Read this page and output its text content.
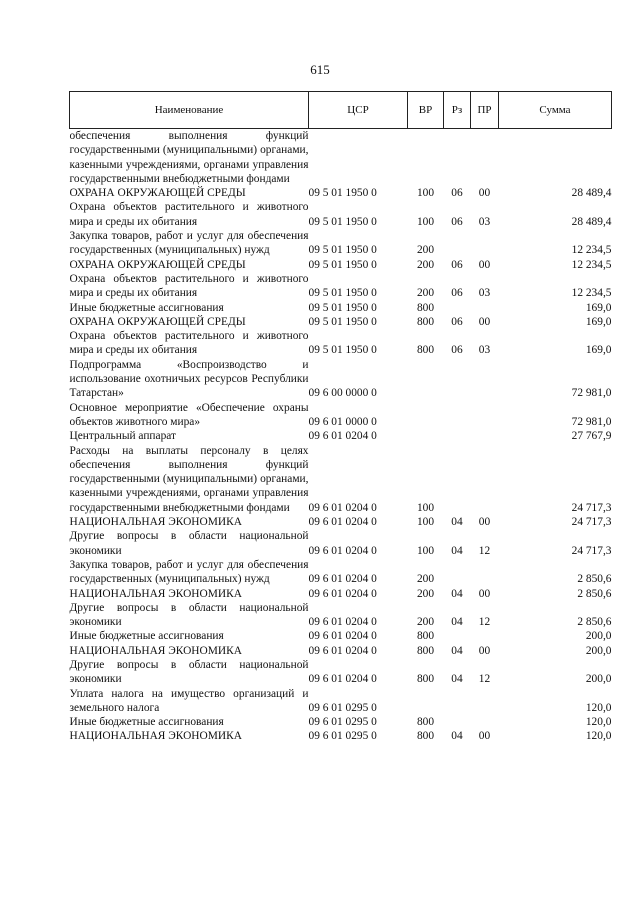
615
Наименование	ЦСР	ВР	Рз	ПР	Сумма
обеспечения выполнения функций государственными (муниципальными) органами, казенными учреждениями, органами управления государственными внебюджетными фондами					
ОХРАНА ОКРУЖАЮЩЕЙ СРЕДЫ	09 5 01 1950 0	100	06	00	28 489,4
Охрана объектов растительного и животного мира и среды их обитания	09 5 01 1950 0	100	06	03	28 489,4
Закупка товаров, работ и услуг для обеспечения государственных (муниципальных) нужд	09 5 01 1950 0	200			12 234,5
ОХРАНА ОКРУЖАЮЩЕЙ СРЕДЫ	09 5 01 1950 0	200	06	00	12 234,5
Охрана объектов растительного и животного мира и среды их обитания	09 5 01 1950 0	200	06	03	12 234,5
Иные бюджетные ассигнования	09 5 01 1950 0	800			169,0
ОХРАНА ОКРУЖАЮЩЕЙ СРЕДЫ	09 5 01 1950 0	800	06	00	169,0
Охрана объектов растительного и животного мира и среды их обитания	09 5 01 1950 0	800	06	03	169,0
Подпрограмма «Воспроизводство и использование охотничьих ресурсов Республики Татарстан»	09 6 00 0000 0				72 981,0
Основное мероприятие «Обеспечение охраны объектов животного мира»	09 6 01 0000 0				72 981,0
Центральный аппарат	09 6 01 0204 0				27 767,9
Расходы на выплаты персоналу в целях обеспечения выполнения функций государственными (муниципальными) органами, казенными учреждениями, органами управления государственными внебюджетными фондами	09 6 01 0204 0	100			24 717,3
НАЦИОНАЛЬНАЯ ЭКОНОМИКА	09 6 01 0204 0	100	04	00	24 717,3
Другие вопросы в области национальной экономики	09 6 01 0204 0	100	04	12	24 717,3
Закупка товаров, работ и услуг для обеспечения государственных (муниципальных) нужд	09 6 01 0204 0	200			2 850,6
НАЦИОНАЛЬНАЯ ЭКОНОМИКА	09 6 01 0204 0	200	04	00	2 850,6
Другие вопросы в области национальной экономики	09 6 01 0204 0	200	04	12	2 850,6
Иные бюджетные ассигнования	09 6 01 0204 0	800			200,0
НАЦИОНАЛЬНАЯ ЭКОНОМИКА	09 6 01 0204 0	800	04	00	200,0
Другие вопросы в области национальной экономики	09 6 01 0204 0	800	04	12	200,0
Уплата налога на имущество организаций и земельного налога	09 6 01 0295 0				120,0
Иные бюджетные ассигнования	09 6 01 0295 0	800			120,0
НАЦИОНАЛЬНАЯ ЭКОНОМИКА	09 6 01 0295 0	800	04	00	120,0
